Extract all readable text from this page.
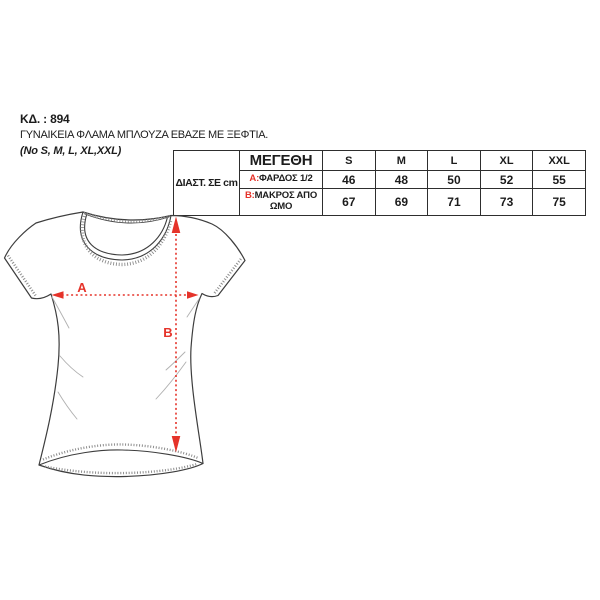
ΚΔ. : 894
ΓΥΝΑΙΚΕΙΑ ΦΛΑΜΑ ΜΠΛΟΥΖΑ ΕΒΑΖΕ ΜΕ ΞΕΦΤΙΑ.
(No S, M, L, XL,XXL)
ΔΙΑΣΤ. ΣΕ cm	ΜΕΓΕΘΗ	S	M	L	XL	XXL
	A:ΦΑΡΔΟΣ 1/2	46	48	50	52	55
	B:ΜΑΚΡΟΣ ΑΠΟ ΩΜΟ	67	69	71	73	75
A
B
